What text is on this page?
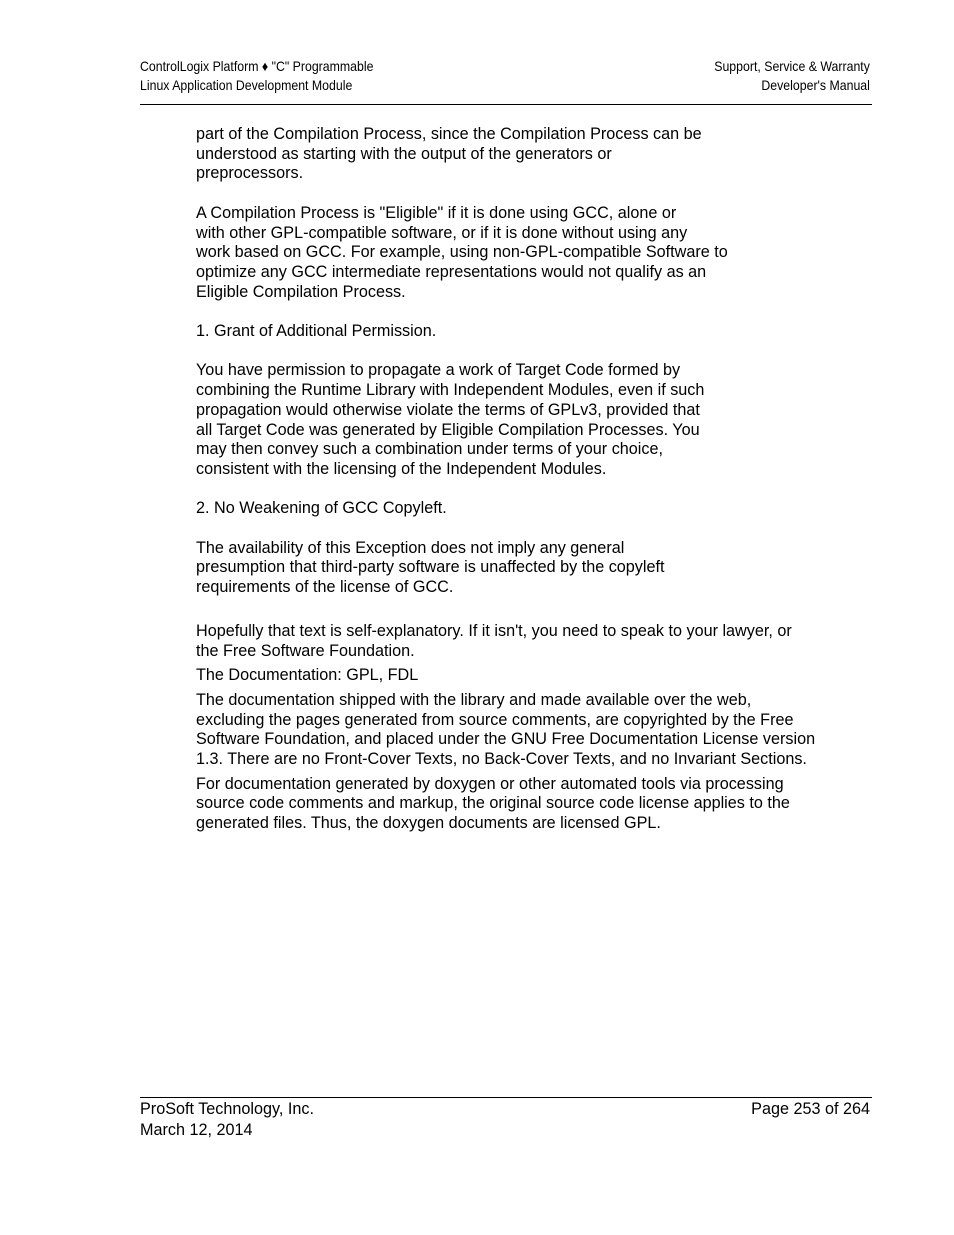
ControlLogix Platform ♦ "C" Programmable
Linux Application Development Module
Support, Service & Warranty
Developer's Manual

part of the Compilation Process, since the Compilation Process can be
understood as starting with the output of the generators or
preprocessors.

A Compilation Process is "Eligible" if it is done using GCC, alone or
with other GPL-compatible software, or if it is done without using any
work based on GCC. For example, using non-GPL-compatible Software to
optimize any GCC intermediate representations would not qualify as an
Eligible Compilation Process.

1. Grant of Additional Permission.

You have permission to propagate a work of Target Code formed by
combining the Runtime Library with Independent Modules, even if such
propagation would otherwise violate the terms of GPLv3, provided that
all Target Code was generated by Eligible Compilation Processes. You
may then convey such a combination under terms of your choice,
consistent with the licensing of the Independent Modules.

2. No Weakening of GCC Copyleft.

The availability of this Exception does not imply any general
presumption that third-party software is unaffected by the copyleft
requirements of the license of GCC.

Hopefully that text is self-explanatory. If it isn't, you need to speak to your lawyer, or the Free Software Foundation.

The Documentation: GPL, FDL

The documentation shipped with the library and made available over the web, excluding the pages generated from source comments, are copyrighted by the Free Software Foundation, and placed under the GNU Free Documentation License version 1.3. There are no Front-Cover Texts, no Back-Cover Texts, and no Invariant Sections.

For documentation generated by doxygen or other automated tools via processing source code comments and markup, the original source code license applies to the generated files. Thus, the doxygen documents are licensed GPL.

ProSoft Technology, Inc.
March 12, 2014
Page 253 of 264
